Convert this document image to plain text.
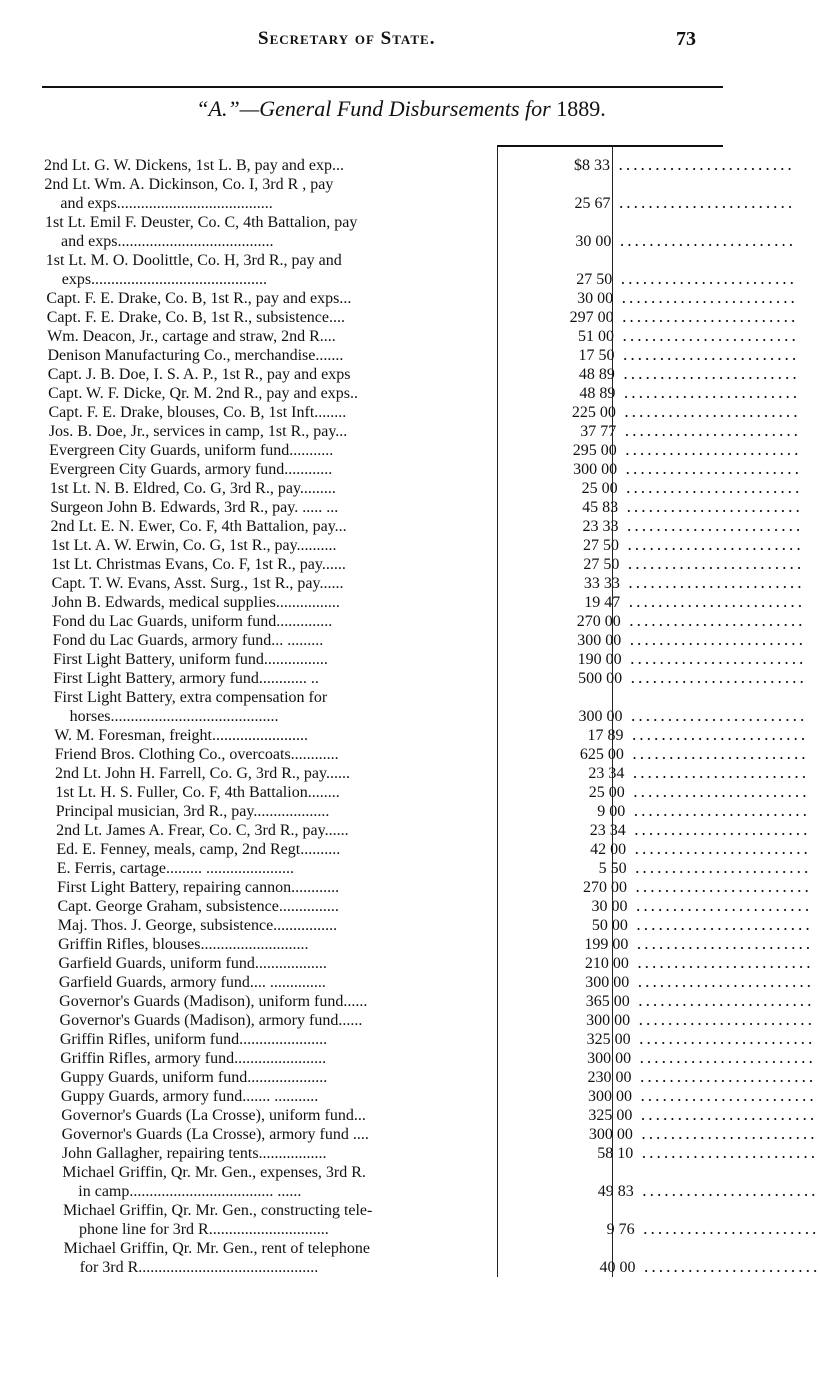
Secretary of State.	73
“A.”—General Fund Disbursements for 1889.
2nd Lt. G. W. Dickens, 1st L. B, pay and exp...	$8 33 ․․․․․․․․․․․․․․․․․․․․․․․․
2nd Lt. Wm. A. Dickinson, Co. I, 3rd R , pay
and exps.......................................	25 67 ․․․․․․․․․․․․․․․․․․․․․․․․
1st Lt. Emil F. Deuster, Co. C, 4th Battalion, pay
and exps.......................................	30 00 ․․․․․․․․․․․․․․․․․․․․․․․․
1st Lt. M. O. Doolittle, Co. H, 3rd R., pay and
exps............................................	27 50 ․․․․․․․․․․․․․․․․․․․․․․․․
Capt. F. E. Drake, Co. B, 1st R., pay and exps...	30 00 ․․․․․․․․․․․․․․․․․․․․․․․․
Capt. F. E. Drake, Co. B, 1st R., subsistence....	297 00 ․․․․․․․․․․․․․․․․․․․․․․․․
Wm. Deacon, Jr., cartage and straw, 2nd R....	51 00 ․․․․․․․․․․․․․․․․․․․․․․․․
Denison Manufacturing Co., merchandise.......	17 50 ․․․․․․․․․․․․․․․․․․․․․․․․
Capt. J. B. Doe, I. S. A. P., 1st R., pay and exps	48 89 ․․․․․․․․․․․․․․․․․․․․․․․․
Capt. W. F. Dicke, Qr. M. 2nd R., pay and exps..	48 89 ․․․․․․․․․․․․․․․․․․․․․․․․
Capt. F. E. Drake, blouses, Co. B, 1st Inft........	225 00 ․․․․․․․․․․․․․․․․․․․․․․․․
Jos. B. Doe, Jr., services in camp, 1st R., pay...	37 77 ․․․․․․․․․․․․․․․․․․․․․․․․
Evergreen City Guards, uniform fund...........	295 00 ․․․․․․․․․․․․․․․․․․․․․․․․
Evergreen City Guards, armory fund............	300 00 ․․․․․․․․․․․․․․․․․․․․․․․․
1st Lt. N. B. Eldred, Co. G, 3rd R., pay.........	25 00 ․․․․․․․․․․․․․․․․․․․․․․․․
Surgeon John B. Edwards, 3rd R., pay. ..... ...	45 83 ․․․․․․․․․․․․․․․․․․․․․․․․
2nd Lt. E. N. Ewer, Co. F, 4th Battalion, pay...	23 33 ․․․․․․․․․․․․․․․․․․․․․․․․
1st Lt. A. W. Erwin, Co. G, 1st R., pay..........	27 50 ․․․․․․․․․․․․․․․․․․․․․․․․
1st Lt. Christmas Evans, Co. F, 1st R., pay......	27 50 ․․․․․․․․․․․․․․․․․․․․․․․․
Capt. T. W. Evans, Asst. Surg., 1st R., pay......	33 33 ․․․․․․․․․․․․․․․․․․․․․․․․
John B. Edwards, medical supplies................	19 47 ․․․․․․․․․․․․․․․․․․․․․․․․
Fond du Lac Guards, uniform fund..............	270 00 ․․․․․․․․․․․․․․․․․․․․․․․․
Fond du Lac Guards, armory fund... .........	300 00 ․․․․․․․․․․․․․․․․․․․․․․․․
First Light Battery, uniform fund................	190 00 ․․․․․․․․․․․․․․․․․․․․․․․․
First Light Battery, armory fund............ ..	500 00 ․․․․․․․․․․․․․․․․․․․․․․․․
First Light Battery, extra compensation for
horses..........................................	300 00 ․․․․․․․․․․․․․․․․․․․․․․․․
W. M. Foresman, freight........................	17 89 ․․․․․․․․․․․․․․․․․․․․․․․․
Friend Bros. Clothing Co., overcoats............	625 00 ․․․․․․․․․․․․․․․․․․․․․․․․
2nd Lt. John H. Farrell, Co. G, 3rd R., pay......	23 34 ․․․․․․․․․․․․․․․․․․․․․․․․
1st Lt. H. S. Fuller, Co. F, 4th Battalion........	25 00 ․․․․․․․․․․․․․․․․․․․․․․․․
Principal musician, 3rd R., pay...................	9 00 ․․․․․․․․․․․․․․․․․․․․․․․․
2nd Lt. James A. Frear, Co. C, 3rd R., pay......	23 34 ․․․․․․․․․․․․․․․․․․․․․․․․
Ed. E. Fenney, meals, camp, 2nd Regt..........	42 00 ․․․․․․․․․․․․․․․․․․․․․․․․
E. Ferris, cartage......... ......................	5 50 ․․․․․․․․․․․․․․․․․․․․․․․․
First Light Battery, repairing cannon............	270 00 ․․․․․․․․․․․․․․․․․․․․․․․․
Capt. George Graham, subsistence...............	30 00 ․․․․․․․․․․․․․․․․․․․․․․․․
Maj. Thos. J. George, subsistence................	50 00 ․․․․․․․․․․․․․․․․․․․․․․․․
Griffin Rifles, blouses...........................	199 00 ․․․․․․․․․․․․․․․․․․․․․․․․
Garfield Guards, uniform fund..................	210 00 ․․․․․․․․․․․․․․․․․․․․․․․․
Garfield Guards, armory fund.... ..............	300 00 ․․․․․․․․․․․․․․․․․․․․․․․․
Governor's Guards (Madison), uniform fund......	365 00 ․․․․․․․․․․․․․․․․․․․․․․․․
Governor's Guards (Madison), armory fund......	300 00 ․․․․․․․․․․․․․․․․․․․․․․․․
Griffin Rifles, uniform fund......................	325 00 ․․․․․․․․․․․․․․․․․․․․․․․․
Griffin Rifles, armory fund.......................	300 00 ․․․․․․․․․․․․․․․․․․․․․․․․
Guppy Guards, uniform fund....................	230 00 ․․․․․․․․․․․․․․․․․․․․․․․․
Guppy Guards, armory fund....... ...........	300 00 ․․․․․․․․․․․․․․․․․․․․․․․․
Governor's Guards (La Crosse), uniform fund...	325 00 ․․․․․․․․․․․․․․․․․․․․․․․․
Governor's Guards (La Crosse), armory fund ....	300 00 ․․․․․․․․․․․․․․․․․․․․․․․․
John Gallagher, repairing tents.................	58 10 ․․․․․․․․․․․․․․․․․․․․․․․․
Michael Griffin, Qr. Mr. Gen., expenses, 3rd R.
in camp.................................... ......	49 83 ․․․․․․․․․․․․․․․․․․․․․․․․
Michael Griffin, Qr. Mr. Gen., constructing tele-
phone line for 3rd R..............................	9 76 ․․․․․․․․․․․․․․․․․․․․․․․․
Michael Griffin, Qr. Mr. Gen., rent of telephone
for 3rd R.............................................	40 00 ․․․․․․․․․․․․․․․․․․․․․․․․
